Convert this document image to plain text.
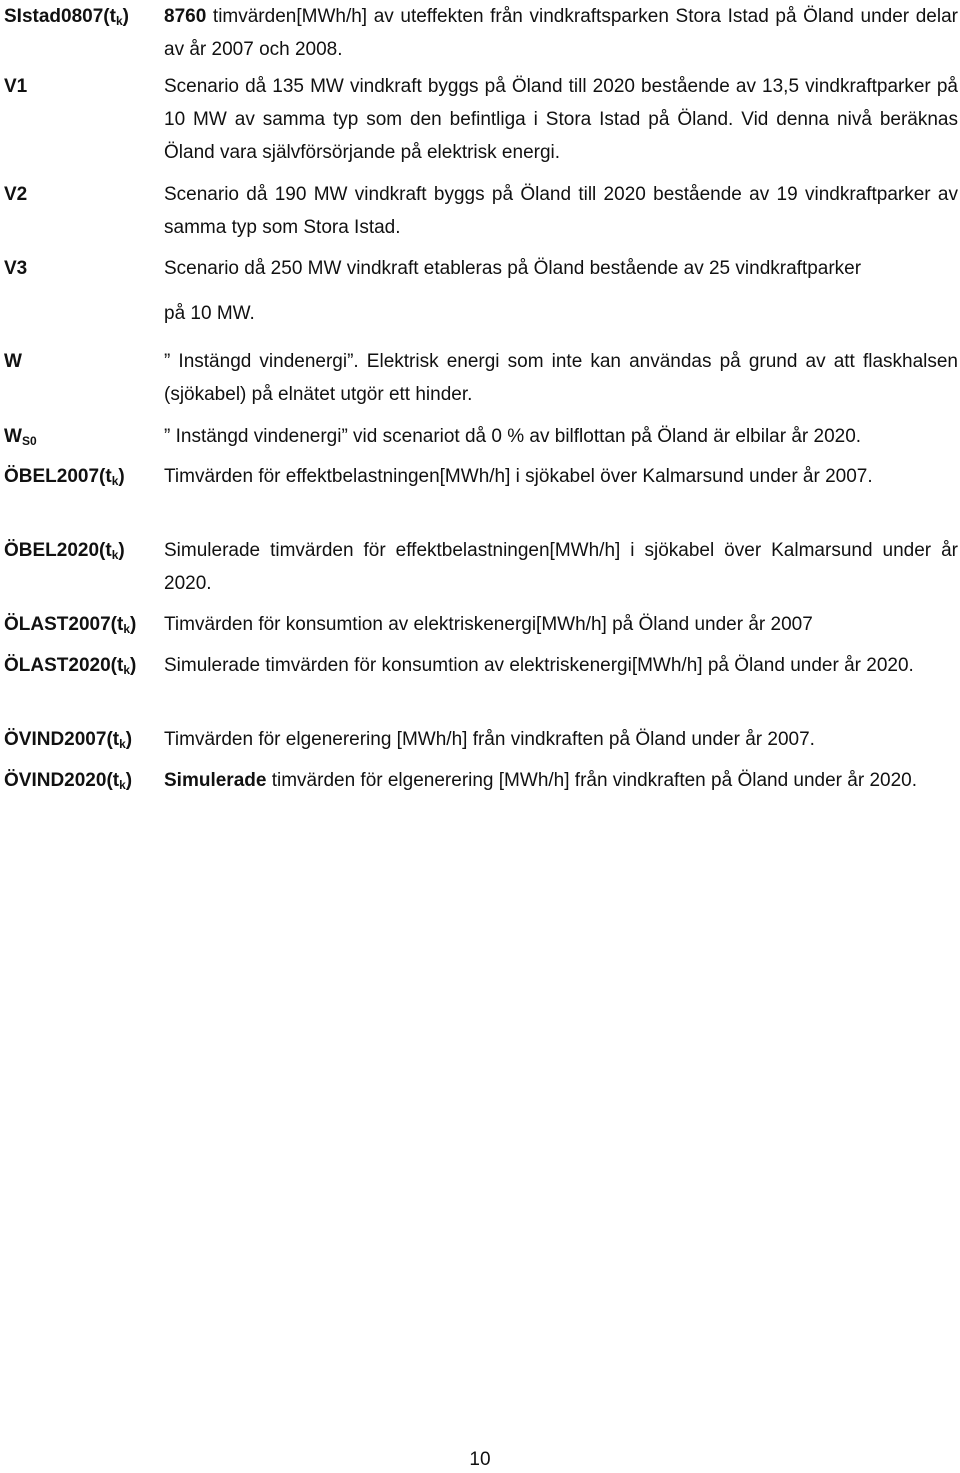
$SIstad0807(t_k)$ 8760 timvärden[MWh/h] av uteffekten från vindkraftsparken Stora Istad på Öland under delar av år 2007 och 2008.
V1	Scenario då 135 MW vindkraft byggs på Öland till 2020 bestående av 13,5 vindkraftparker på 10 MW av samma typ som den befintliga i Stora Istad på Öland. Vid denna nivå beräknas Öland vara självförsörjande på elektrisk energi.
V2	Scenario då 190 MW vindkraft byggs på Öland till 2020 bestående av 19 vindkraftparker av samma typ som Stora Istad.
V3	Scenario då 250 MW vindkraft etableras på Öland bestående av 25 vindkraftparker
på 10 MW.
W	” Instängd vindenergi”. Elektrisk energi som inte kan användas på grund av att flaskhalsen (sjökabel) på elnätet utgör ett hinder.
$W_{S0}$	” Instängd vindenergi” vid scenariot då 0 % av bilflottan på Öland är elbilar år 2020.
$ÖBEL2007(t_k)$ Timvärden för effektbelastningen[MWh/h] i sjökabel över Kalmarsund under år 2007.
$ÖBEL2020(t_k)$ Simulerade timvärden för effektbelastningen[MWh/h] i sjökabel över Kalmarsund under år 2020.
$ÖLAST2007(t_k)$ Timvärden för konsumtion av elektriskenergi[MWh/h] på Öland under år 2007
$ÖLAST2020(t_k)$ Simulerade timvärden för konsumtion av elektriskenergi[MWh/h] på Öland under år 2020.
$ÖVIND2007(t_k)$ Timvärden för elgenerering [MWh/h] från vindkraften på Öland under år 2007.
$ÖVIND2020(t_k)$ Simulerade timvärden för elgenerering [MWh/h] från vindkraften på Öland under år 2020.
10
